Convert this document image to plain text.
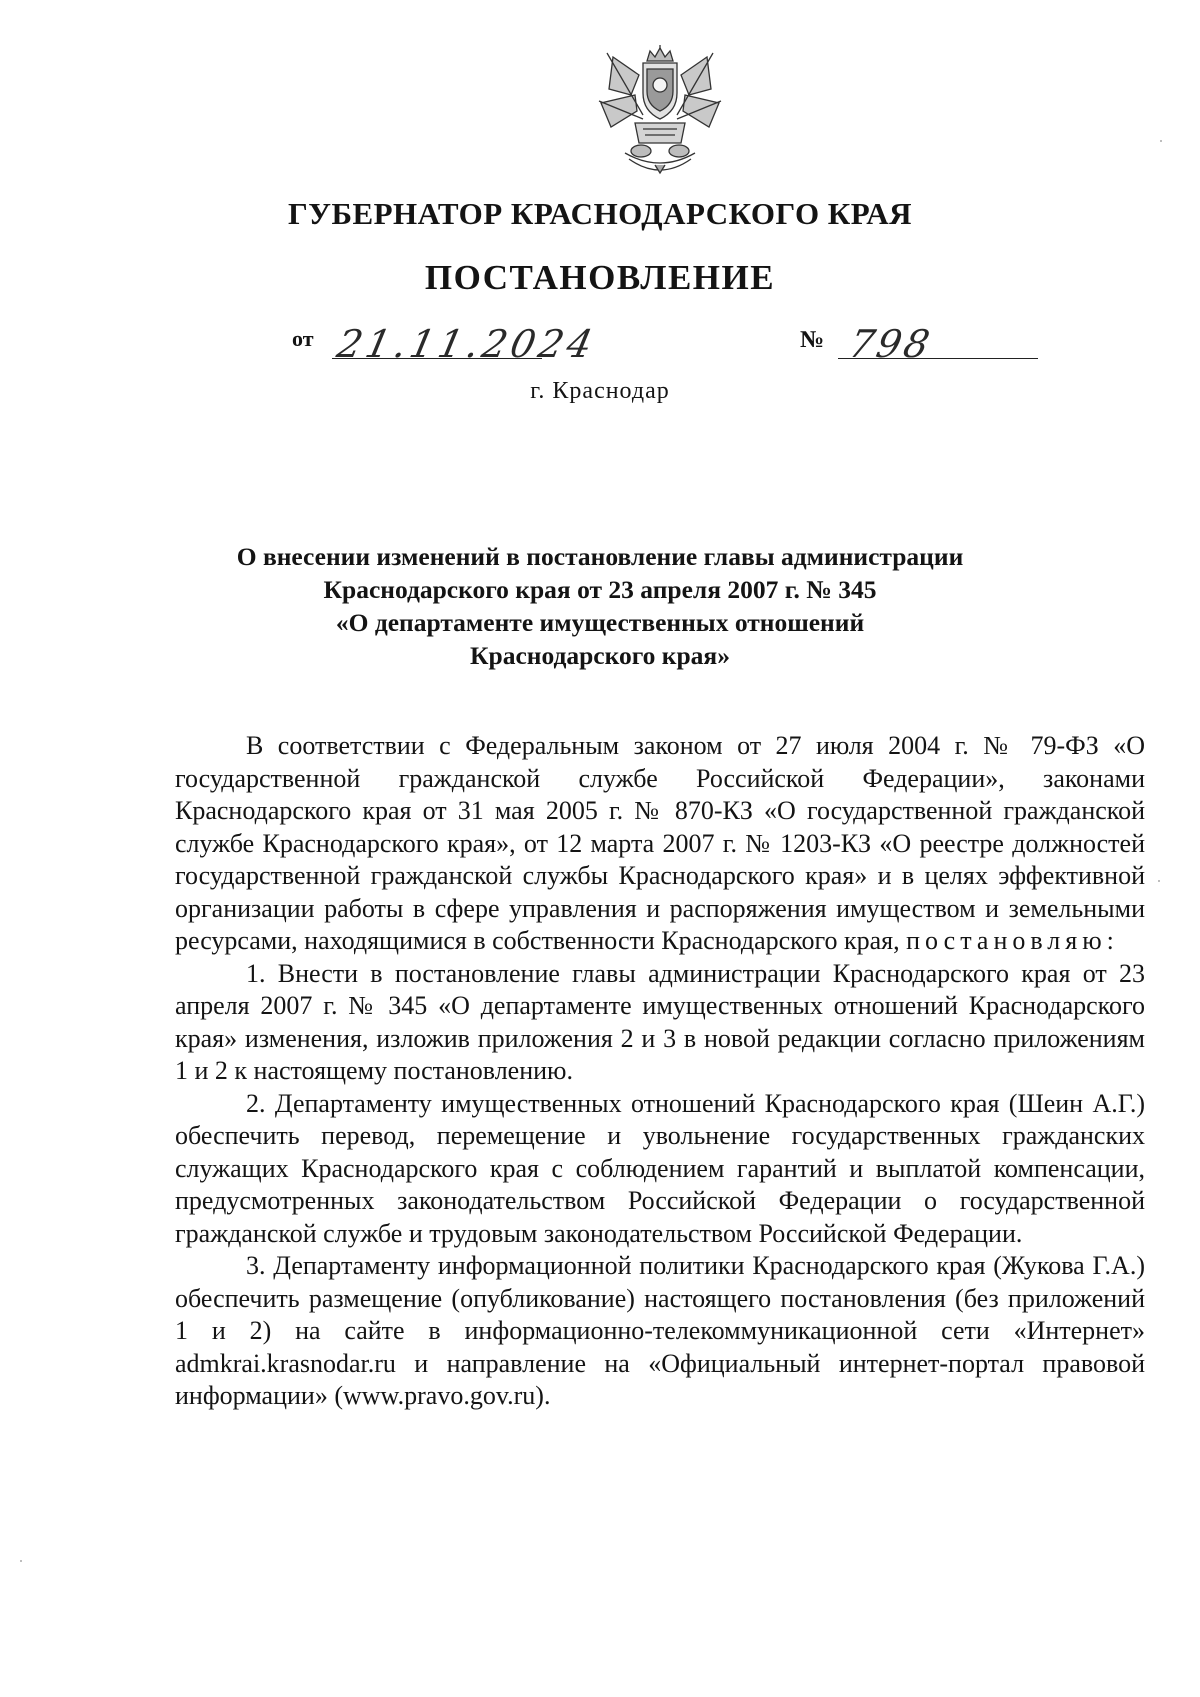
ГУБЕРНАТОР КРАСНОДАРСКОГО КРАЯ
ПОСТАНОВЛЕНИЕ
от 21.11.2024	№ 798
г. Краснодар
О внесении изменений в постановление главы администрации
Краснодарского края от 23 апреля 2007 г. № 345
«О департаменте имущественных отношений
Краснодарского края»

В соответствии с Федеральным законом от 27 июля 2004 г. № 79-ФЗ «О государственной гражданской службе Российской Федерации», законами Краснодарского края от 31 мая 2005 г. № 870-КЗ «О государственной гражданской службе Краснодарского края», от 12 марта 2007 г. № 1203-КЗ «О реестре должностей государственной гражданской службы Краснодарского края» и в целях эффективной организации работы в сфере управления и распоряжения имуществом и земельными ресурсами, находящимися в собственности Краснодарского края, постановляю:

1. Внести в постановление главы администрации Краснодарского края от 23 апреля 2007 г. № 345 «О департаменте имущественных отношений Краснодарского края» изменения, изложив приложения 2 и 3 в новой редакции согласно приложениям 1 и 2 к настоящему постановлению.

2. Департаменту имущественных отношений Краснодарского края (Шеин А.Г.) обеспечить перевод, перемещение и увольнение государственных гражданских служащих Краснодарского края с соблюдением гарантий и выплатой компенсации, предусмотренных законодательством Российской Федерации о государственной гражданской службе и трудовым законодательством Российской Федерации.

3. Департаменту информационной политики Краснодарского края (Жукова Г.А.) обеспечить размещение (опубликование) настоящего постановления (без приложений 1 и 2) на сайте в информационно-телекоммуникационной сети «Интернет» admkrai.krasnodar.ru и направление на «Официальный интернет-портал правовой информации» (www.pravo.gov.ru).
